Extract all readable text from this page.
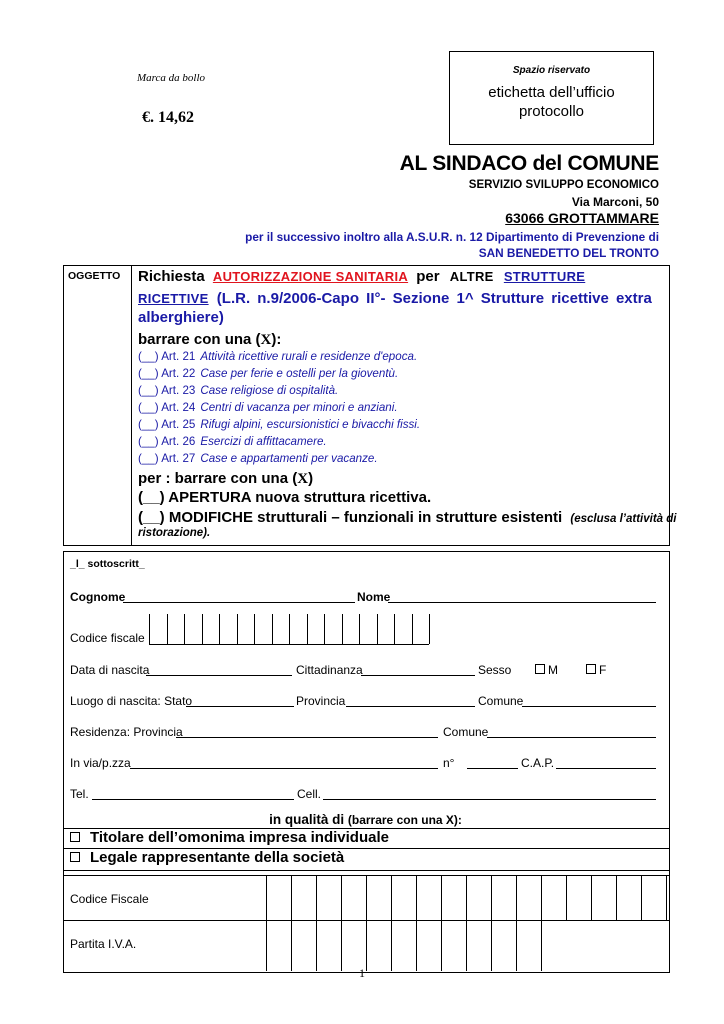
Marca da bollo
€. 14,62
Spazio riservato
etichetta dell’ufficio
protocollo
AL SINDACO del COMUNE
SERVIZIO SVILUPPO ECONOMICO
Via Marconi, 50
63066 GROTTAMMARE
per il successivo inoltro alla A.S.U.R. n. 12 Dipartimento di Prevenzione di
SAN BENEDETTO DEL TRONTO
OGGETTO Richiesta AUTORIZZAZIONE SANITARIA per ALTRE STRUTTURE
RICETTIVE (L.R. n.9/2006-Capo II°- Sezione 1^ Strutture ricettive extra
alberghiere)
barrare con una (X):
(__) Art. 21 Attività ricettive rurali e residenze d'epoca.
(__) Art. 22 Case per ferie e ostelli per la gioventù.
(__) Art. 23 Case religiose di ospitalità.
(__) Art. 24 Centri di vacanza per minori e anziani.
(__) Art. 25 Rifugi alpini, escursionistici e bivacchi fissi.
(__) Art. 26 Esercizi di affittacamere.
(__) Art. 27 Case e appartamenti per vacanze.
per : barrare con una (X)
(__) APERTURA nuova struttura ricettiva.
(__) MODIFICHE strutturali – funzionali in strutture esistenti (esclusa l’attività di
ristorazione).
_l_ sottoscritt_
Cognome	Nome
Codice fiscale
Data di nascita	Cittadinanza	Sesso	M	F
Luogo di nascita: Stato	Provincia	Comune
Residenza: Provincia	Comune
In via/p.zza	n°	C.A.P.
Tel.	Cell.
in qualità di (barrare con una X):
Titolare dell’omonima impresa individuale
Legale rappresentante della società
Codice Fiscale
Partita I.V.A.
1
